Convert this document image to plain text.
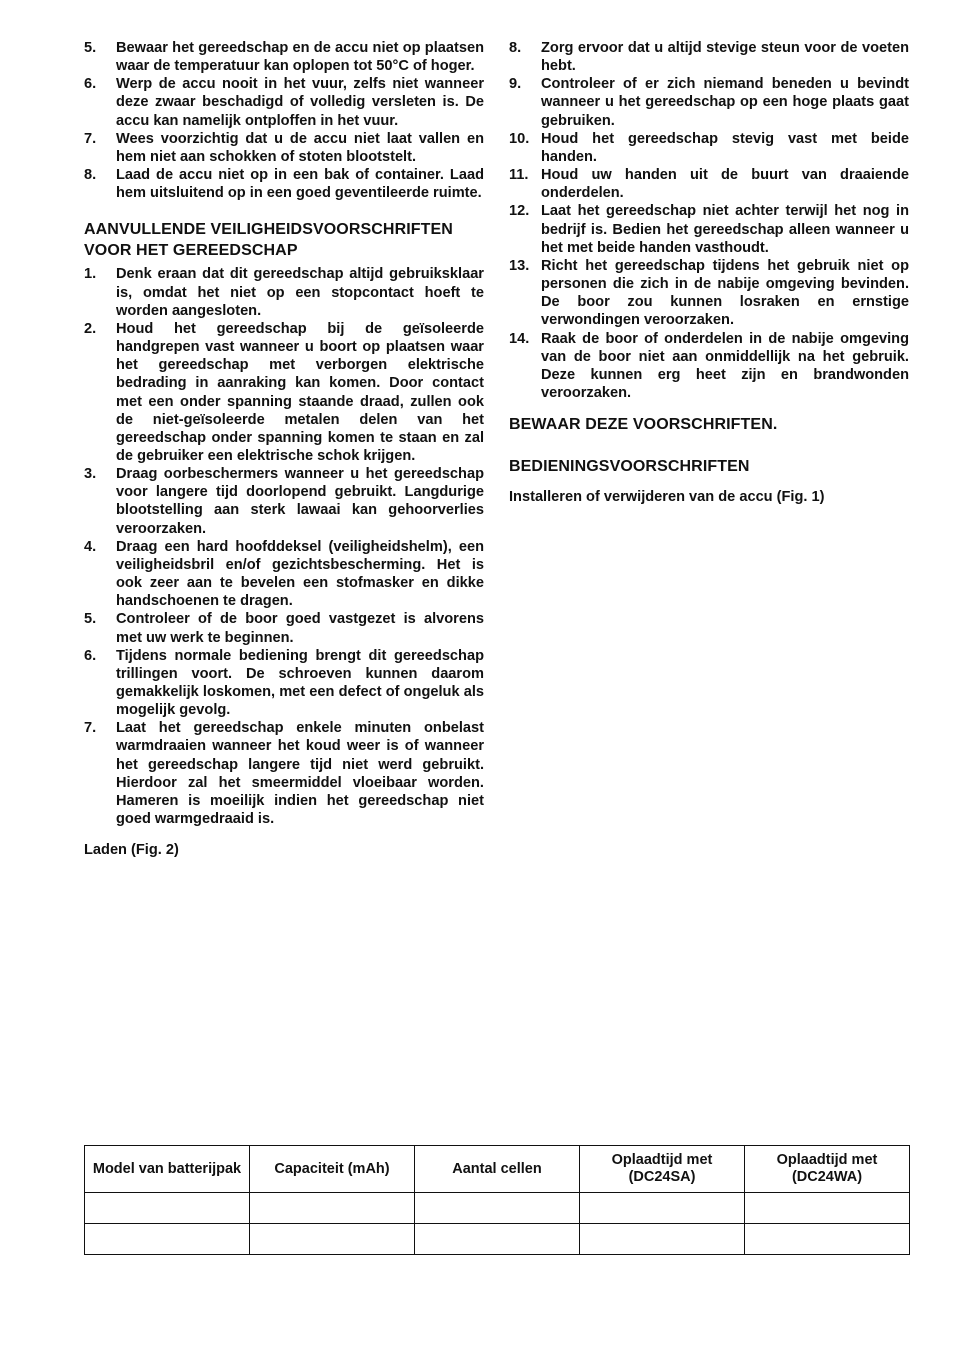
5. Bewaar het gereedschap en de accu niet op plaatsen waar de temperatuur kan oplopen tot 50°C of hoger.
6. Werp de accu nooit in het vuur, zelfs niet wanneer deze zwaar beschadigd of volledig versleten is. De accu kan namelijk ontploffen in het vuur.
7. Wees voorzichtig dat u de accu niet laat vallen en hem niet aan schokken of stoten blootstelt.
8. Laad de accu niet op in een bak of container. Laad hem uitsluitend op in een goed geventileerde ruimte.
AANVULLENDE VEILIGHEIDSVOORSCHRIFTEN VOOR HET GEREEDSCHAP
1. Denk eraan dat dit gereedschap altijd gebruiksklaar is, omdat het niet op een stopcontact hoeft te worden aangesloten.
2. Houd het gereedschap bij de geïsoleerde handgrepen vast wanneer u boort op plaatsen waar het gereedschap met verborgen elektrische bedrading in aanraking kan komen. Door contact met een onder spanning staande draad, zullen ook de niet-geïsoleerde metalen delen van het gereedschap onder spanning komen te staan en zal de gebruiker een elektrische schok krijgen.
3. Draag oorbeschermers wanneer u het gereedschap voor langere tijd doorlopend gebruikt. Langdurige blootstelling aan sterk lawaai kan gehoorverlies veroorzaken.
4. Draag een hard hoofddeksel (veiligheidshelm), een veiligheidsbril en/of gezichtsbescherming. Het is ook zeer aan te bevelen een stofmasker en dikke handschoenen te dragen.
5. Controleer of de boor goed vastgezet is alvorens met uw werk te beginnen.
6. Tijdens normale bediening brengt dit gereedschap trillingen voort. De schroeven kunnen daarom gemakkelijk loskomen, met een defect of ongeluk als mogelijk gevolg.
7. Laat het gereedschap enkele minuten onbelast warmdraaien wanneer het koud weer is of wanneer het gereedschap langere tijd niet werd gebruikt. Hierdoor zal het smeermiddel vloeibaar worden. Hameren is moeilijk indien het gereedschap niet goed warmgedraaid is.

Laden (Fig. 2)

8. Zorg ervoor dat u altijd stevige steun voor de voeten hebt.
9. Controleer of er zich niemand beneden u bevindt wanneer u het gereedschap op een hoge plaats gaat gebruiken.
10. Houd het gereedschap stevig vast met beide handen.
11. Houd uw handen uit de buurt van draaiende onderdelen.
12. Laat het gereedschap niet achter terwijl het nog in bedrijf is. Bedien het gereedschap alleen wanneer u het met beide handen vasthoudt.
13. Richt het gereedschap tijdens het gebruik niet op personen die zich in de nabije omgeving bevinden. De boor zou kunnen losraken en ernstige verwondingen veroorzaken.
14. Raak de boor of onderdelen in de nabije omgeving van de boor niet aan onmiddellijk na het gebruik. Deze kunnen erg heet zijn en brandwonden veroorzaken.
BEWAAR DEZE VOORSCHRIFTEN.
BEDIENINGSVOORSCHRIFTEN

Installeren of verwijderen van de accu (Fig. 1)

Model van batterijpak	Capaciteit (mAh)	Aantal cellen	Oplaadtijd met (DC24SA)	Oplaadtijd met (DC24WA)
